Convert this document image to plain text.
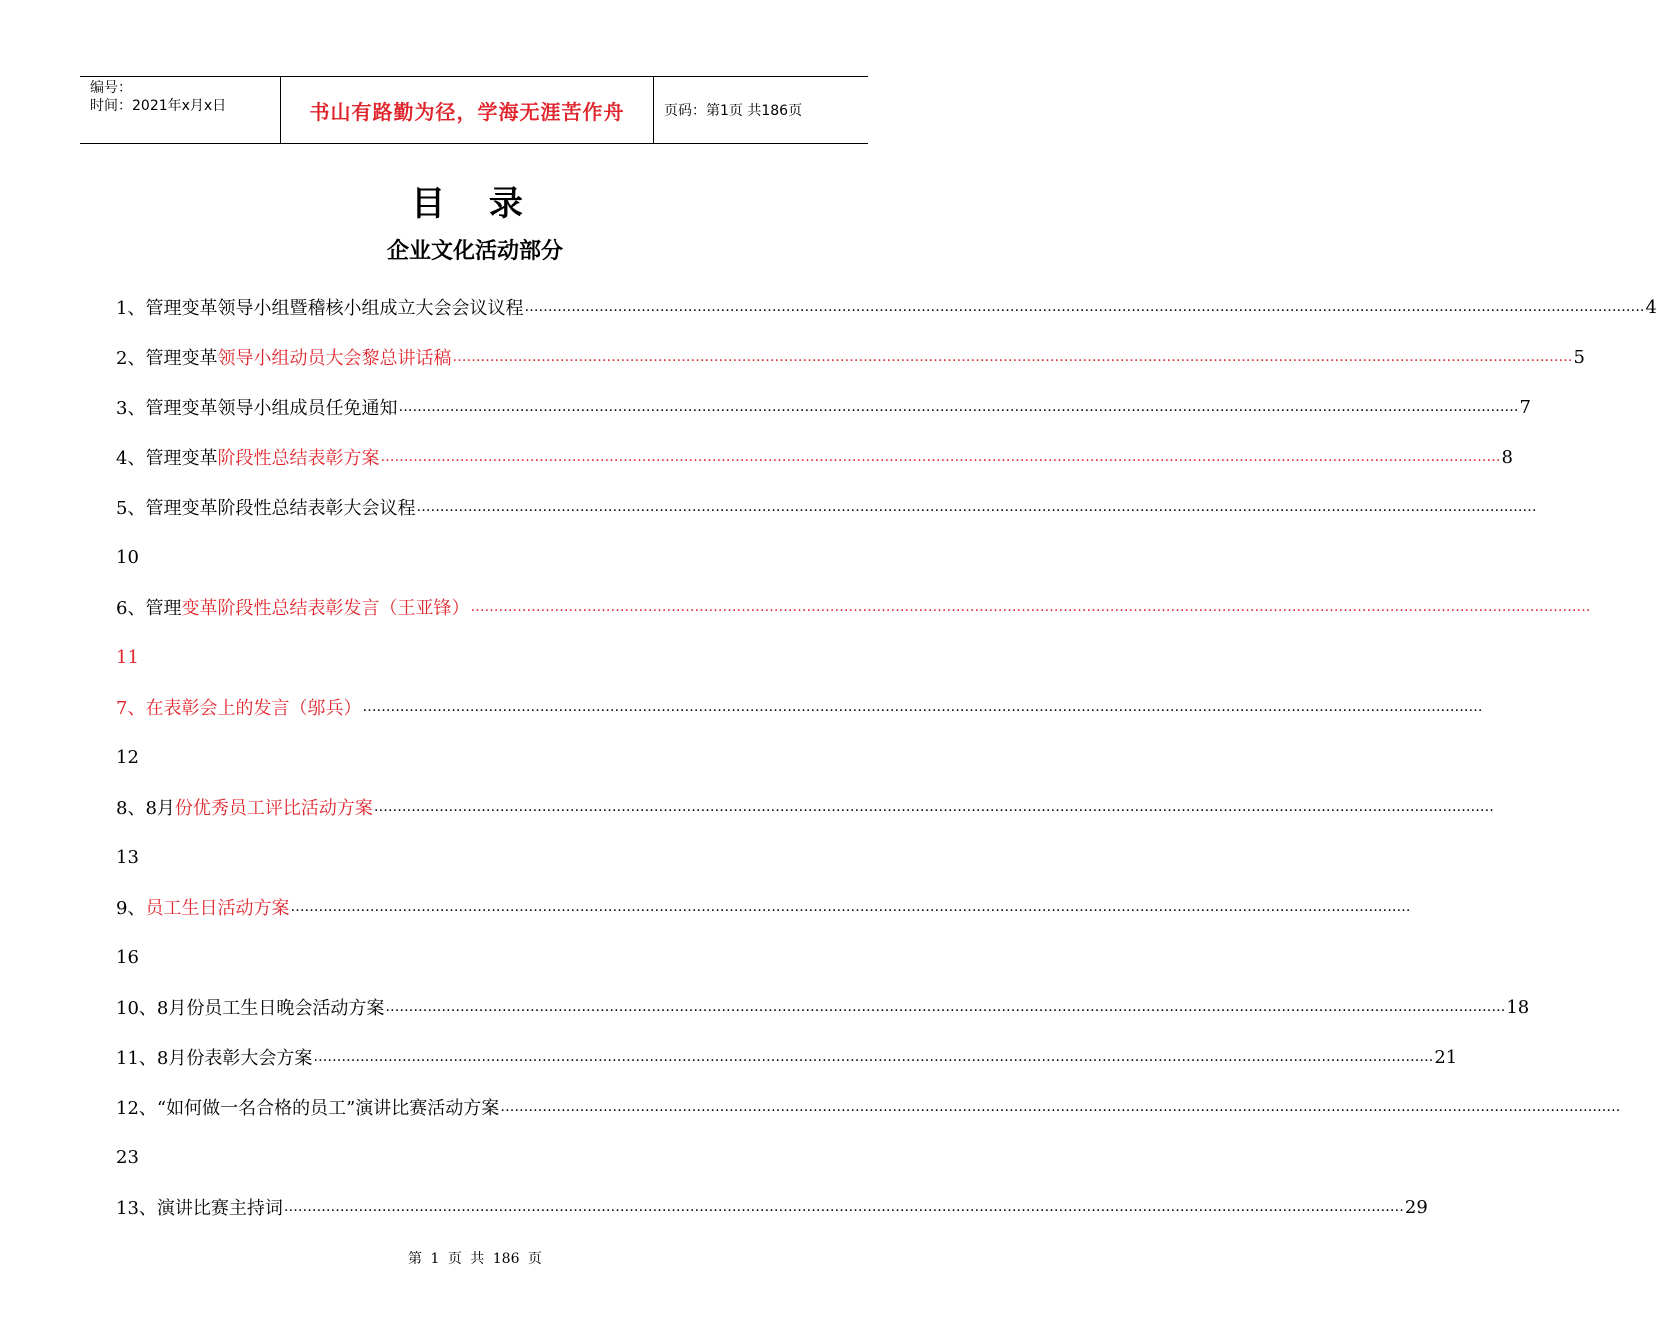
编号：
时间：2021年x月x日	书山有路勤为径，学海无涯苦作舟	页码：第1页 共186页
目 录
企业文化活动部分
1、管理变革领导小组暨稽核小组成立大会会议议程 …………………………………………………………………………………………………………………………………………………………………………………………………………………… 4
2、管理变革 领导小组动员大会黎总讲话稿 …………………………………………………………………………………………………………………………………………………………………………………………………………………… 5
3、管理变革领导小组成员任免通知 …………………………………………………………………………………………………………………………………………………………………………………………………………………… 7
4、管理变革 阶段性总结表彰方案 …………………………………………………………………………………………………………………………………………………………………………………………………………………… 8
5、管理变革阶段性总结表彰大会议程 ……………………………………………………………………………………………………………………………………………………………………………………………………………………
10
6、管理 变革阶段性总结表彰发言（王亚锋） ……………………………………………………………………………………………………………………………………………………………………………………………………………………
11
7、在表彰会上的发言（邬兵） ……………………………………………………………………………………………………………………………………………………………………………………………………………………
12
8、8月 份优秀员工评比活动方案 ……………………………………………………………………………………………………………………………………………………………………………………………………………………
13
9、 员工生日活动方案 ……………………………………………………………………………………………………………………………………………………………………………………………………………………
16
10、8月份员工生日晚会活动方案 …………………………………………………………………………………………………………………………………………………………………………………………………………………… 18
11、8月份表彰大会方案 …………………………………………………………………………………………………………………………………………………………………………………………………………………… 21
12、“如何做一名合格的员工”演讲比赛活动方案 ……………………………………………………………………………………………………………………………………………………………………………………………………………………
23
13、演讲比赛主持词 …………………………………………………………………………………………………………………………………………………………………………………………………………………… 29
第 1 页 共 186 页
